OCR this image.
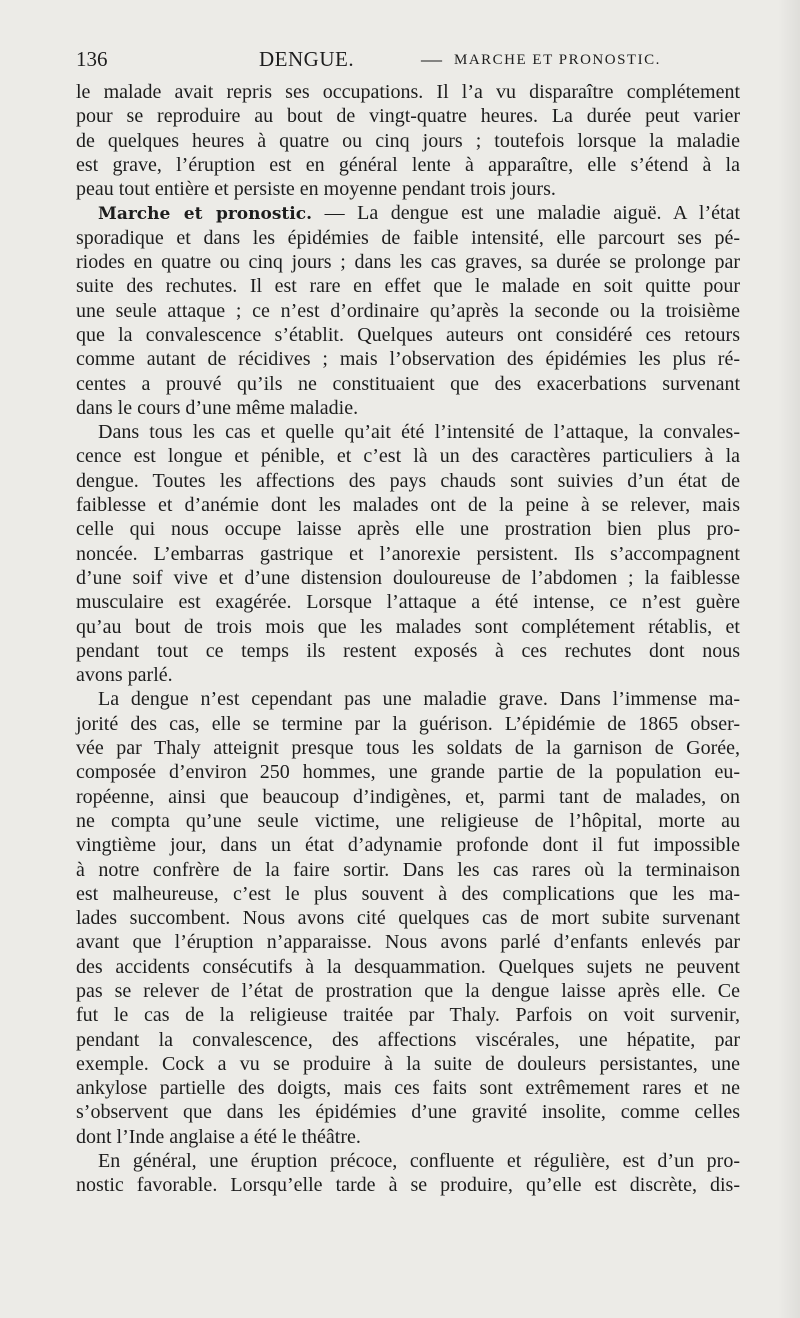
136	DENGUE.	— MARCHE ET PRONOSTIC.
le malade avait repris ses occupations. Il l’a vu disparaître complétement
pour se reproduire au bout de vingt-quatre heures. La durée peut varier
de quelques heures à quatre ou cinq jours ; toutefois lorsque la maladie
est grave, l’éruption est en général lente à apparaître, elle s’étend à la
peau tout entière et persiste en moyenne pendant trois jours.
Marche et pronostic. — La dengue est une maladie aiguë. A l’état
sporadique et dans les épidémies de faible intensité, elle parcourt ses pé-
riodes en quatre ou cinq jours ; dans les cas graves, sa durée se prolonge par
suite des rechutes. Il est rare en effet que le malade en soit quitte pour
une seule attaque ; ce n’est d’ordinaire qu’après la seconde ou la troisième
que la convalescence s’établit. Quelques auteurs ont considéré ces retours
comme autant de récidives ; mais l’observation des épidémies les plus ré-
centes a prouvé qu’ils ne constituaient que des exacerbations survenant
dans le cours d’une même maladie.
Dans tous les cas et quelle qu’ait été l’intensité de l’attaque, la convales-
cence est longue et pénible, et c’est là un des caractères particuliers à la
dengue. Toutes les affections des pays chauds sont suivies d’un état de
faiblesse et d’anémie dont les malades ont de la peine à se relever, mais
celle qui nous occupe laisse après elle une prostration bien plus pro-
noncée. L’embarras gastrique et l’anorexie persistent. Ils s’accompagnent
d’une soif vive et d’une distension douloureuse de l’abdomen ; la faiblesse
musculaire est exagérée. Lorsque l’attaque a été intense, ce n’est guère
qu’au bout de trois mois que les malades sont complétement rétablis, et
pendant tout ce temps ils restent exposés à ces rechutes dont nous
avons parlé.
La dengue n’est cependant pas une maladie grave. Dans l’immense ma-
jorité des cas, elle se termine par la guérison. L’épidémie de 1865 obser-
vée par Thaly atteignit presque tous les soldats de la garnison de Gorée,
composée d’environ 250 hommes, une grande partie de la population eu-
ropéenne, ainsi que beaucoup d’indigènes, et, parmi tant de malades, on
ne compta qu’une seule victime, une religieuse de l’hôpital, morte au
vingtième jour, dans un état d’adynamie profonde dont il fut impossible
à notre confrère de la faire sortir. Dans les cas rares où la terminaison
est malheureuse, c’est le plus souvent à des complications que les ma-
lades succombent. Nous avons cité quelques cas de mort subite survenant
avant que l’éruption n’apparaisse. Nous avons parlé d’enfants enlevés par
des accidents consécutifs à la desquammation. Quelques sujets ne peuvent
pas se relever de l’état de prostration que la dengue laisse après elle. Ce
fut le cas de la religieuse traitée par Thaly. Parfois on voit survenir,
pendant la convalescence, des affections viscérales, une hépatite, par
exemple. Cock a vu se produire à la suite de douleurs persistantes, une
ankylose partielle des doigts, mais ces faits sont extrêmement rares et ne
s’observent que dans les épidémies d’une gravité insolite, comme celles
dont l’Inde anglaise a été le théâtre.
En général, une éruption précoce, confluente et régulière, est d’un pro-
nostic favorable. Lorsqu’elle tarde à se produire, qu’elle est discrète, dis-
